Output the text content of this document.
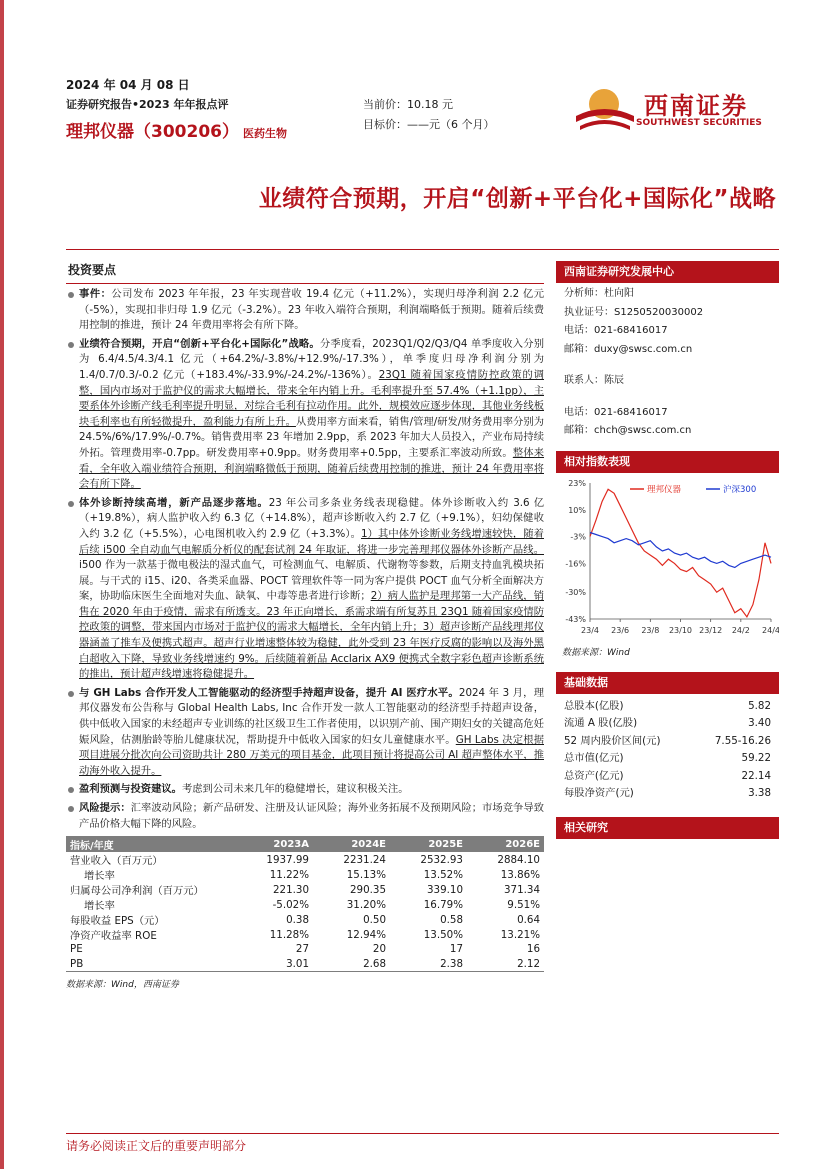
2024 年 04 月 08 日
证券研究报告•2023 年年报点评
理邦仪器（300206） 医药生物
当前价：10.18 元
目标价：——元（6 个月）
西南证券
SOUTHWEST SECURITIES
业绩符合预期，开启“创新+平台化+国际化”战略
投资要点
事件：公司发布 2023 年年报，23 年实现营收 19.4 亿元（+11.2%），实现归母净利润 2.2 亿元（-5%），实现扣非归母 1.9 亿元（-3.2%）。23 年收入端符合预期，利润端略低于预期。随着后续费用控制的推进，预计 24 年费用率将会有所下降。
业绩符合预期，开启“创新+平台化+国际化”战略。分季度看，2023Q1/Q2/Q3/Q4 单季度收入分别为 6.4/4.5/4.3/4.1 亿元（+64.2%/-3.8%/+12.9%/-17.3%），单季度归母净利润分别为 1.4/0.7/0.3/-0.2 亿元（+183.4%/-33.9%/-24.2%/-136%）。23Q1 随着国家疫情防控政策的调整，国内市场对于监护仪的需求大幅增长，带来全年内销上升。毛利率提升至 57.4%（+1.1pp），主要系体外诊断产线毛利率提升明显，对综合毛利有拉动作用。此外，规模效应逐步体现，其他业务线板块毛利率也有所轻微提升，盈利能力有所上升。从费用率方面来看，销售/管理/研发/财务费用率分别为 24.5%/6%/17.9%/-0.7%。销售费用率 23 年增加 2.9pp，系 2023 年加大人员投入，产业布局持续外拓。管理费用率-0.7pp。研发费用率+0.9pp。财务费用率+0.5pp，主要系汇率波动所致。整体来看，全年收入端业绩符合预期，利润端略微低于预期，随着后续费用控制的推进，预计 24 年费用率将会有所下降。
体外诊断持续高增，新产品逐步落地。23 年公司多条业务线表现稳健。体外诊断收入约 3.6 亿（+19.8%），病人监护收入约 6.3 亿（+14.8%），超声诊断收入约 2.7 亿（+9.1%），妇幼保健收入约 3.2 亿（+5.5%），心电图机收入约 2.9 亿（+3.3%）。1）其中体外诊断业务线增速较快，随着后续 i500 全自动血气电解质分析仪的配套试剂 24 年取证，将进一步完善理邦仪器体外诊断产品线。i500 作为一款基于微电极法的湿式血气，可检测血气、电解质、代谢物等参数，后期支持血乳模块拓展。与干式的 i15、i20、各类采血器、POCT 管理软件等一同为客户提供 POCT 血气分析全面解决方案，协助临床医生全面地对失血、缺氧、中毒等患者进行诊断；2）病人监护是理邦第一大产品线，销售在 2020 年由于疫情，需求有所透支。23 年正向增长，系需求端有所复苏且 23Q1 随着国家疫情防控政策的调整，带来国内市场对于监护仪的需求大幅增长，全年内销上升；3）超声诊断产品线理邦仪器涵盖了推车及便携式超声。超声行业增速整体较为稳健，此外受到 23 年医疗反腐的影响以及海外黑白超收入下降，导致业务线增速约 9%。后续随着新品 Acclarix AX9 便携式全数字彩色超声诊断系统的推出，预计超声线增速将稳健提升。
与 GH Labs 合作开发人工智能驱动的经济型手持超声设备，提升 AI 医疗水平。2024 年 3 月，理邦仪器发布公告称与 Global Health Labs, Inc 合作开发一款人工智能驱动的经济型手持超声设备，供中低收入国家的未经超声专业训练的社区级卫生工作者使用，以识别产前、围产期妇女的关键高危妊娠风险，估测胎龄等胎儿健康状况，帮助提升中低收入国家的妇女儿童健康水平。GH Labs 决定根据项目进展分批次向公司资助共计 280 万美元的项目基金，此项目预计将提高公司 AI 超声整体水平，推动海外收入提升。
盈利预测与投资建议。考虑到公司未来几年的稳健增长，建议积极关注。
风险提示：汇率波动风险；新产品研发、注册及认证风险；海外业务拓展不及预期风险；市场竞争导致产品价格大幅下降的风险。
指标/年度	2023A	2024E	2025E	2026E
营业收入（百万元）	1937.99	2231.24	2532.93	2884.10
增长率	11.22%	15.13%	13.52%	13.86%
归属母公司净利润（百万元）	221.30	290.35	339.10	371.34
增长率	-5.02%	31.20%	16.79%	9.51%
每股收益 EPS（元）	0.38	0.50	0.58	0.64
净资产收益率 ROE	11.28%	12.94%	13.50%	13.21%
PE	27	20	17	16
PB	3.01	2.68	2.38	2.12
数据来源：Wind，西南证券
西南证券研究发展中心
分析师：杜向阳
执业证号：S1250520030002
电话：021-68416017
邮箱：duxy@swsc.com.cn
联系人：陈辰
电话：021-68416017
邮箱：chch@swsc.com.cn
相对指数表现
23%
10%
-3%
-16%
-30%
-43%
23/4 23/6 23/8 23/10 23/12 24/2 24/4
理邦仪器	沪深300
数据来源：Wind
基础数据
总股本(亿股)	5.82
流通 A 股(亿股)	3.40
52 周内股价区间(元)	7.55-16.26
总市值(亿元)	59.22
总资产(亿元)	22.14
每股净资产(元)	3.38
相关研究
请务必阅读正文后的重要声明部分
